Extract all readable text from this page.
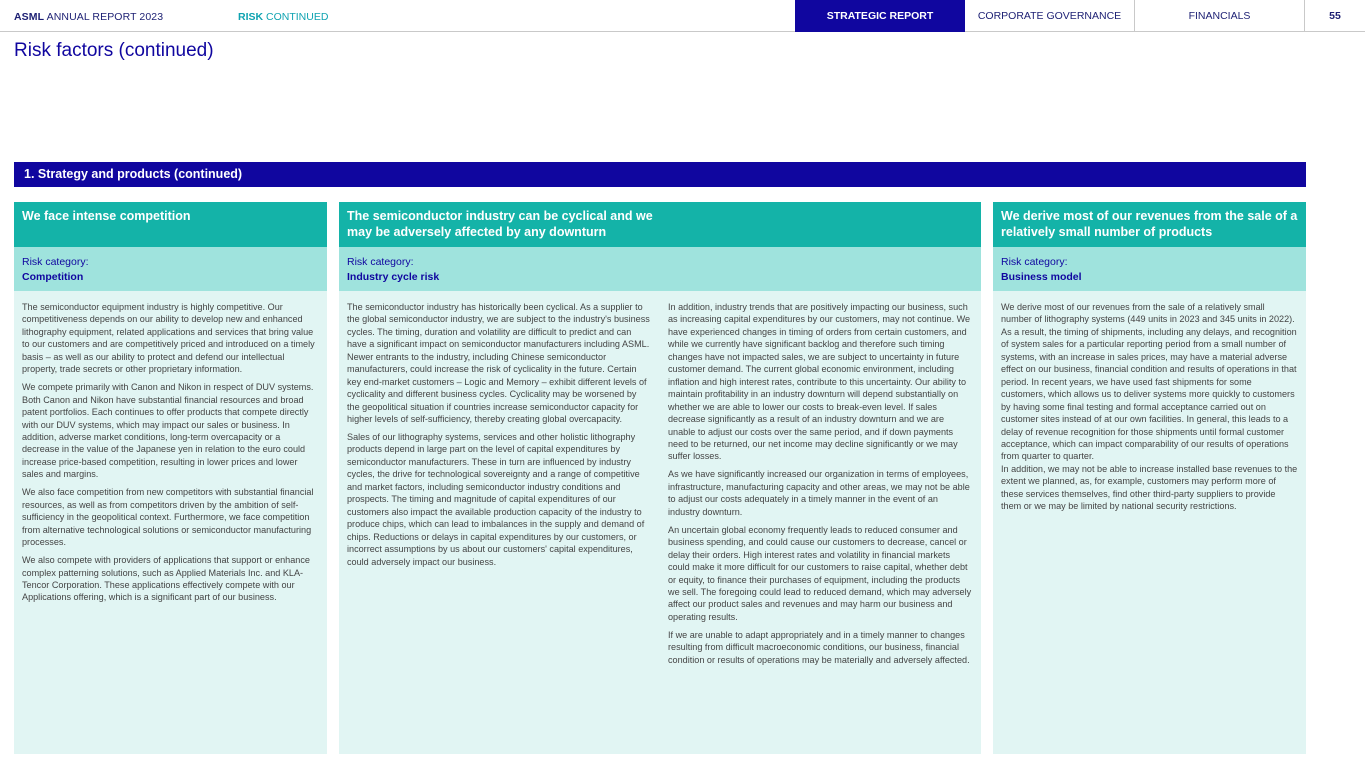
ASML ANNUAL REPORT 2023	RISK CONTINUED	STRATEGIC REPORT	CORPORATE GOVERNANCE	FINANCIALS	55
Risk factors (continued)
1. Strategy and products (continued)
We face intense competition
Risk category:
Competition

The semiconductor equipment industry is highly competitive. Our competitiveness depends on our ability to develop new and enhanced lithography equipment, related applications and services that bring value to our customers and are competitively priced and introduced on a timely basis – as well as our ability to protect and defend our intellectual property, trade secrets or other proprietary information.

We compete primarily with Canon and Nikon in respect of DUV systems. Both Canon and Nikon have substantial financial resources and broad patent portfolios. Each continues to offer products that compete directly with our DUV systems, which may impact our sales or business. In addition, adverse market conditions, long-term overcapacity or a decrease in the value of the Japanese yen in relation to the euro could increase price-based competition, resulting in lower prices and lower sales and margins.

We also face competition from new competitors with substantial financial resources, as well as from competitors driven by the ambition of self-sufficiency in the geopolitical context. Furthermore, we face competition from alternative technological solutions or semiconductor manufacturing processes.

We also compete with providers of applications that support or enhance complex patterning solutions, such as Applied Materials Inc. and KLA-Tencor Corporation. These applications effectively compete with our Applications offering, which is a significant part of our business.

The semiconductor industry can be cyclical and we may be adversely affected by any downturn
Risk category:
Industry cycle risk

The semiconductor industry has historically been cyclical. As a supplier to the global semiconductor industry, we are subject to the industry's business cycles. The timing, duration and volatility are difficult to predict and can have a significant impact on semiconductor manufacturers including ASML. Newer entrants to the industry, including Chinese semiconductor manufacturers, could increase the risk of cyclicality in the future. Certain key end-market customers – Logic and Memory – exhibit different levels of cyclicality and different business cycles. Cyclicality may be worsened by the geopolitical situation if countries increase semiconductor capacity for higher levels of self-sufficiency, thereby creating global overcapacity.

Sales of our lithography systems, services and other holistic lithography products depend in large part on the level of capital expenditures by semiconductor manufacturers. These in turn are influenced by industry cycles, the drive for technological sovereignty and a range of competitive and market factors, including semiconductor industry conditions and prospects. The timing and magnitude of capital expenditures of our customers also impact the available production capacity of the industry to produce chips, which can lead to imbalances in the supply and demand of chips. Reductions or delays in capital expenditures by our customers, or incorrect assumptions by us about our customers' capital expenditures, could adversely impact our business.

In addition, industry trends that are positively impacting our business, such as increasing capital expenditures by our customers, may not continue. We have experienced changes in timing of orders from certain customers, and while we currently have significant backlog and therefore such timing changes have not impacted sales, we are subject to uncertainty in future customer demand. The current global economic environment, including inflation and high interest rates, contribute to this uncertainty. Our ability to maintain profitability in an industry downturn will depend substantially on whether we are able to lower our costs to break-even level. If sales decrease significantly as a result of an industry downturn and we are unable to adjust our costs over the same period, and if down payments need to be returned, our net income may decline significantly or we may suffer losses.

As we have significantly increased our organization in terms of employees, infrastructure, manufacturing capacity and other areas, we may not be able to adjust our costs adequately in a timely manner in the event of an industry downturn.

An uncertain global economy frequently leads to reduced consumer and business spending, and could cause our customers to decrease, cancel or delay their orders. High interest rates and volatility in financial markets could make it more difficult for our customers to raise capital, whether debt or equity, to finance their purchases of equipment, including the products we sell. The foregoing could lead to reduced demand, which may adversely affect our product sales and revenues and may harm our business and operating results.

If we are unable to adapt appropriately and in a timely manner to changes resulting from difficult macroeconomic conditions, our business, financial condition or results of operations may be materially and adversely affected.

We derive most of our revenues from the sale of a relatively small number of products
Risk category:
Business model

We derive most of our revenues from the sale of a relatively small number of lithography systems (449 units in 2023 and 345 units in 2022). As a result, the timing of shipments, including any delays, and recognition of system sales for a particular reporting period from a small number of systems, with an increase in sales prices, may have a material adverse effect on our business, financial condition and results of operations in that period. In recent years, we have used fast shipments for some customers, which allows us to deliver systems more quickly to customers by having some final testing and formal acceptance carried out on customer sites instead of at our own facilities. In general, this leads to a delay of revenue recognition for those shipments until formal customer acceptance, which can impact comparability of our results of operations from quarter to quarter.

In addition, we may not be able to increase installed base revenues to the extent we planned, as, for example, customers may perform more of these services themselves, find other third-party suppliers to provide them or we may be limited by national security restrictions.
